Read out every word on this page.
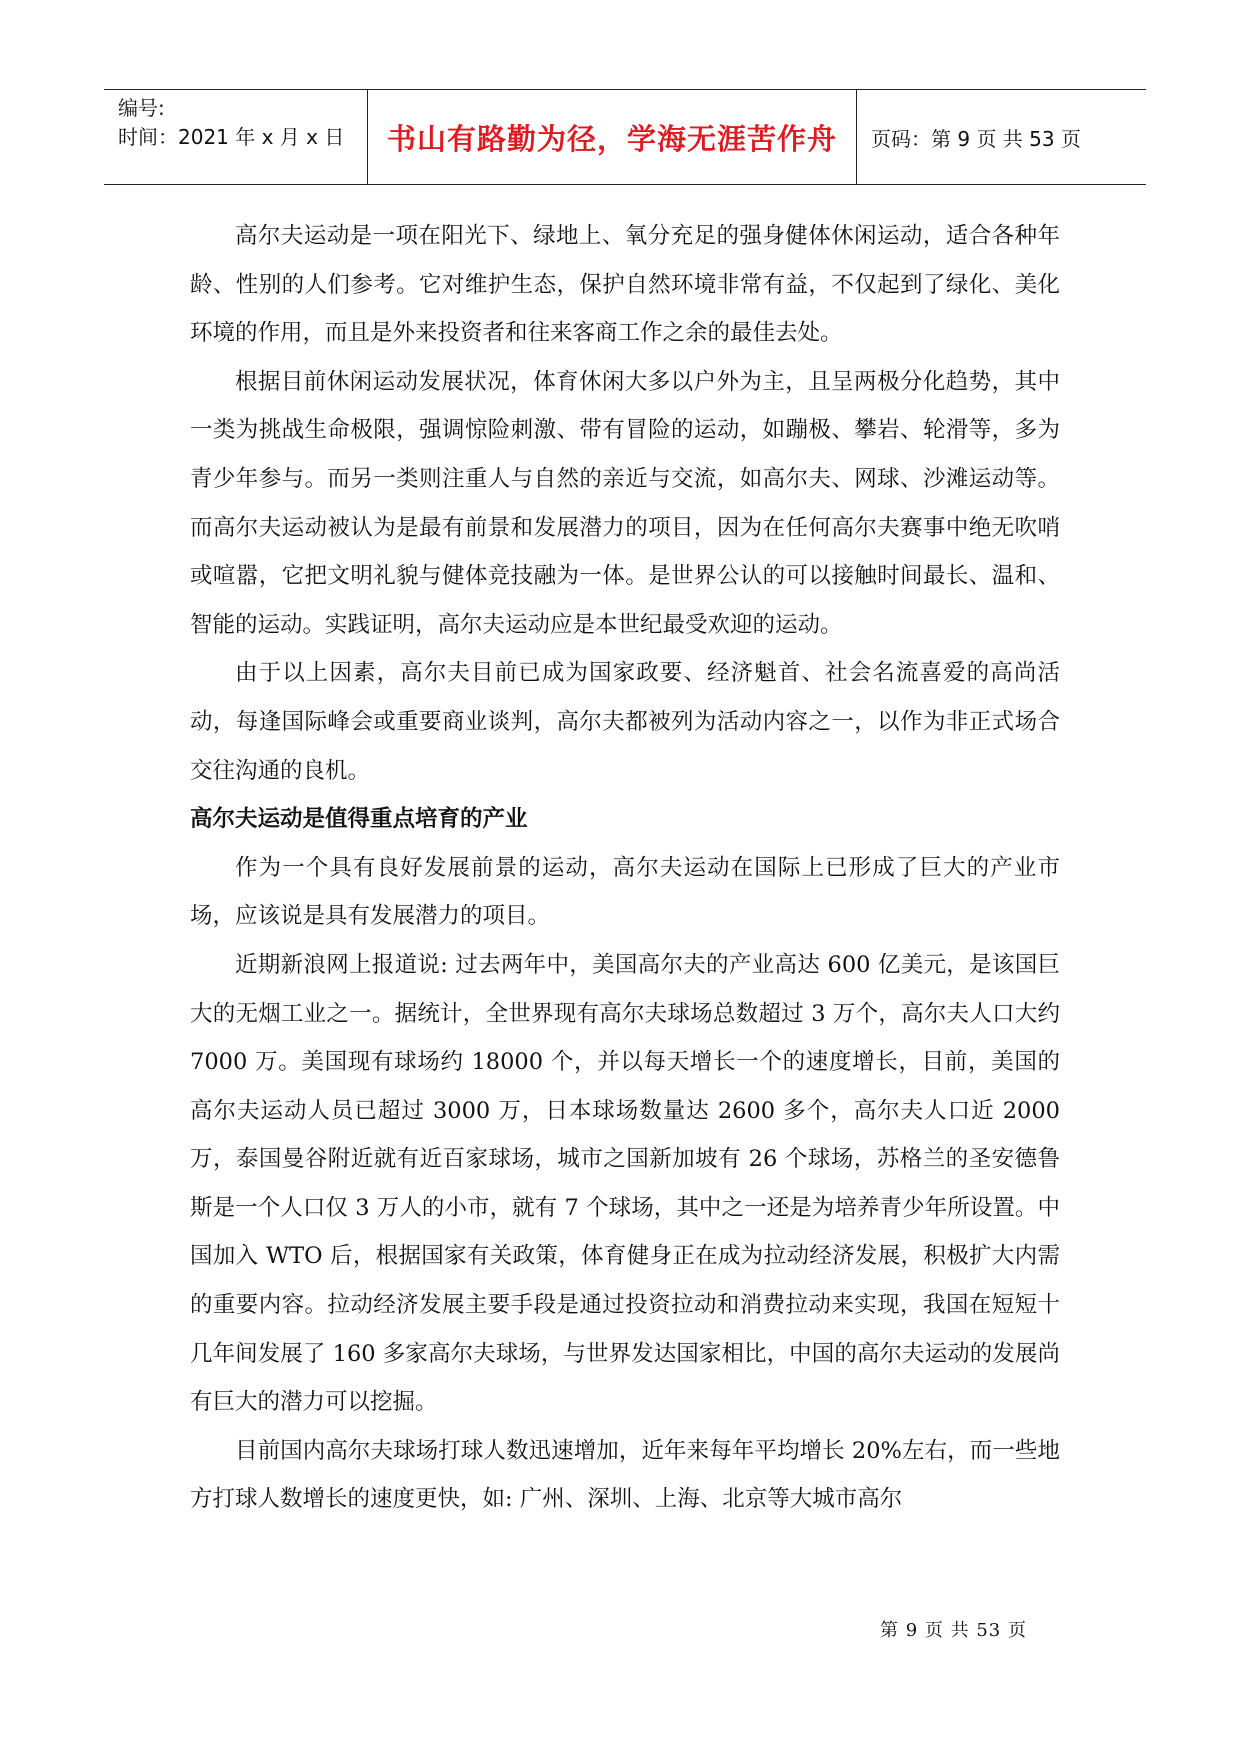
编号:
时间：2021 年 x 月 x 日	书山有路勤为径，学海无涯苦作舟 页码：第 9 页 共 53 页

高尔夫运动是一项在阳光下、绿地上、氧分充足的强身健体休闲运动，适合各种年龄、性别的人们参考。它对维护生态，保护自然环境非常有益，不仅起到了绿化、美化环境的作用，而且是外来投资者和往来客商工作之余的最佳去处。

根据目前休闲运动发展状况，体育休闲大多以户外为主，且呈两极分化趋势，其中一类为挑战生命极限，强调惊险刺激、带有冒险的运动，如蹦极、攀岩、轮滑等，多为青少年参与。而另一类则注重人与自然的亲近与交流，如高尔夫、网球、沙滩运动等。而高尔夫运动被认为是最有前景和发展潜力的项目，因为在任何高尔夫赛事中绝无吹哨或喧嚣，它把文明礼貌与健体竞技融为一体。是世界公认的可以接触时间最长、温和、智能的运动。实践证明，高尔夫运动应是本世纪最受欢迎的运动。

由于以上因素，高尔夫目前已成为国家政要、经济魁首、社会名流喜爱的高尚活动，每逢国际峰会或重要商业谈判，高尔夫都被列为活动内容之一，以作为非正式场合交往沟通的良机。

高尔夫运动是值得重点培育的产业

作为一个具有良好发展前景的运动，高尔夫运动在国际上已形成了巨大的产业市场，应该说是具有发展潜力的项目。

近期新浪网上报道说: 过去两年中，美国高尔夫的产业高达 600 亿美元，是该国巨大的无烟工业之一。据统计，全世界现有高尔夫球场总数超过 3 万个，高尔夫人口大约 7000 万。美国现有球场约 18000 个，并以每天增长一个的速度增长，目前，美国的高尔夫运动人员已超过 3000 万，日本球场数量达 2600 多个，高尔夫人口近 2000 万，泰国曼谷附近就有近百家球场，城市之国新加坡有 26 个球场，苏格兰的圣安德鲁斯是一个人口仅 3 万人的小市，就有 7 个球场，其中之一还是为培养青少年所设置。中国加入 WTO 后，根据国家有关政策，体育健身正在成为拉动经济发展，积极扩大内需的重要内容。拉动经济发展主要手段是通过投资拉动和消费拉动来实现，我国在短短十几年间发展了 160 多家高尔夫球场，与世界发达国家相比，中国的高尔夫运动的发展尚有巨大的潜力可以挖掘。

目前国内高尔夫球场打球人数迅速增加，近年来每年平均增长 20%左右，而一些地方打球人数增长的速度更快，如: 广州、深圳、上海、北京等大城市高尔

第 9 页 共 53 页
